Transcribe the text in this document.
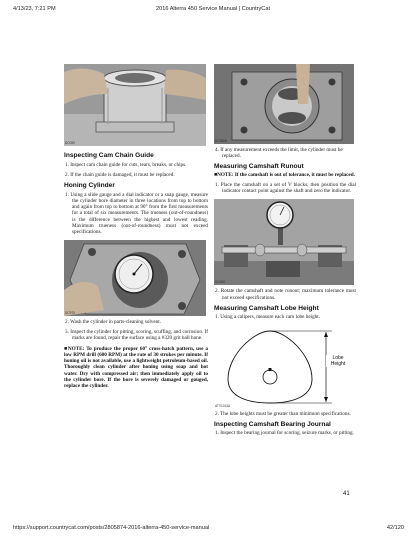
4/13/23, 7:21 PM	2016 Alterra 450 Service Manual | CountryCat
DC090

Inspecting Cam Chain Guide

1. Inspect cam chain guide for cuts, tears, breaks, or chips.

2. If the chain guide is damaged, it must be replaced.

Honing Cylinder

1. Using a slide gauge and a dial indicator or a snap gauge, measure the cylinder bore diameter in three locations from top to bottom and again from top to bottom at 90° from the first measurements for a total of six measurements. The trueness (out-of-roundness) is the difference between the highest and lowest reading. Maximum trueness (out-of-roundness) must not exceed specifications.

DC970

2. Wash the cylinder in parts-cleaning solvent.

3. Inspect the cylinder for pitting, scoring, scuffing, and corrosion. If marks are found, repair the surface using a #320 grit ball hone.

■NOTE: To produce the proper 60° cross-hatch pattern, use a low RPM drill (600 RPM) at the rate of 30 strokes per minute. If honing oil is not available, use a lightweight petroleum-based oil. Thoroughly clean cylinder after honing using soap and hot water. Dry with compressed air; then immediately apply oil to the cylinder bore. If the bore is severely damaged or gouged, replace the cylinder.

DC986B

4. If any measurement exceeds the limit, the cylinder must be replaced.

Measuring Camshaft Runout

■NOTE: If the camshaft is out of tolerance, it must be replaced.

1. Place the camshaft on a set of V blocks; then position the dial indicator contact point against the shaft and zero the indicator.

DC060

2. Rotate the camshaft and note runout; maximum tolerance must not exceed specifications.

Measuring Camshaft Lobe Height

1. Using a calipers, measure each cam lobe height.

Lobe Height
ATV1013A

2. The lobe heights must be greater than minimum specifications.

Inspecting Camshaft Bearing Journal

1. Inspect the bearing journal for scoring, seizure marks, or pitting.

41
https://support.countrycat.com/posts/2805874-2016-alterra-450-service-manual	42/120
